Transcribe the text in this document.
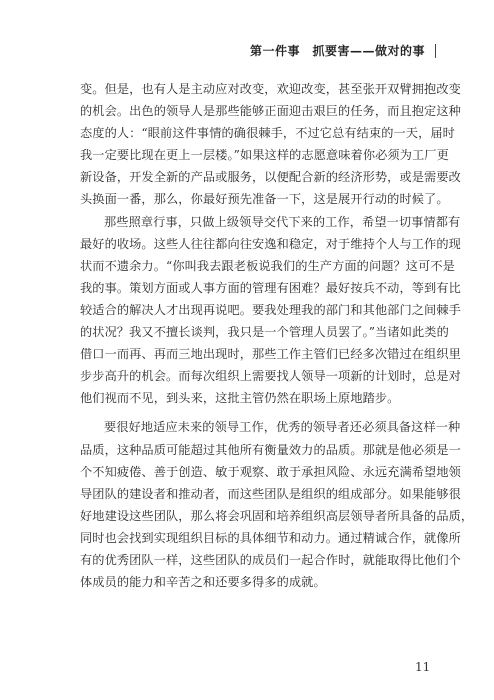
第一件事　抓要害——做对的事
变。但是，也有人是主动应对改变，欢迎改变，甚至张开双臂拥抱改变
的机会。出色的领导人是那些能够正面迎击艰巨的任务，而且抱定这种
态度的人：“眼前这件事情的确很棘手，不过它总有结束的一天，届时
我一定要比现在更上一层楼。”如果这样的志愿意味着你必须为工厂更
新设备，开发全新的产品或服务，以便配合新的经济形势，或是需要改
头换面一番，那么，你最好预先准备一下，这是展开行动的时候了。
那些照章行事，只做上级领导交代下来的工作，希望一切事情都有
最好的收场。这些人往往都向往安逸和稳定，对于维持个人与工作的现
状而不遗余力。“你叫我去跟老板说我们的生产方面的问题？这可不是
我的事。策划方面或人事方面的管理有困难？最好按兵不动，等到有比
较适合的解决人才出现再说吧。要我处理我的部门和其他部门之间棘手
的状况？我又不擅长谈判，我只是一个管理人员罢了。”当诸如此类的
借口一而再、再而三地出现时，那些工作主管们已经多次错过在组织里
步步高升的机会。而每次组织上需要找人领导一项新的计划时，总是对
他们视而不见，到头来，这批主管仍然在职场上原地踏步。
要很好地适应未来的领导工作，优秀的领导者还必须具备这样一种
品质，这种品质可能超过其他所有衡量效力的品质。那就是他必须是一
个不知疲倦、善于创造、敏于观察、敢于承担风险、永远充满希望地领
导团队的建设者和推动者，而这些团队是组织的组成部分。如果能够很
好地建设这些团队，那么将会巩固和培养组织高层领导者所具备的品质，
同时也会找到实现组织目标的具体细节和动力。通过精诚合作，就像所
有的优秀团队一样，这些团队的成员们一起合作时，就能取得比他们个
体成员的能力和辛苦之和还要多得多的成就。
11
